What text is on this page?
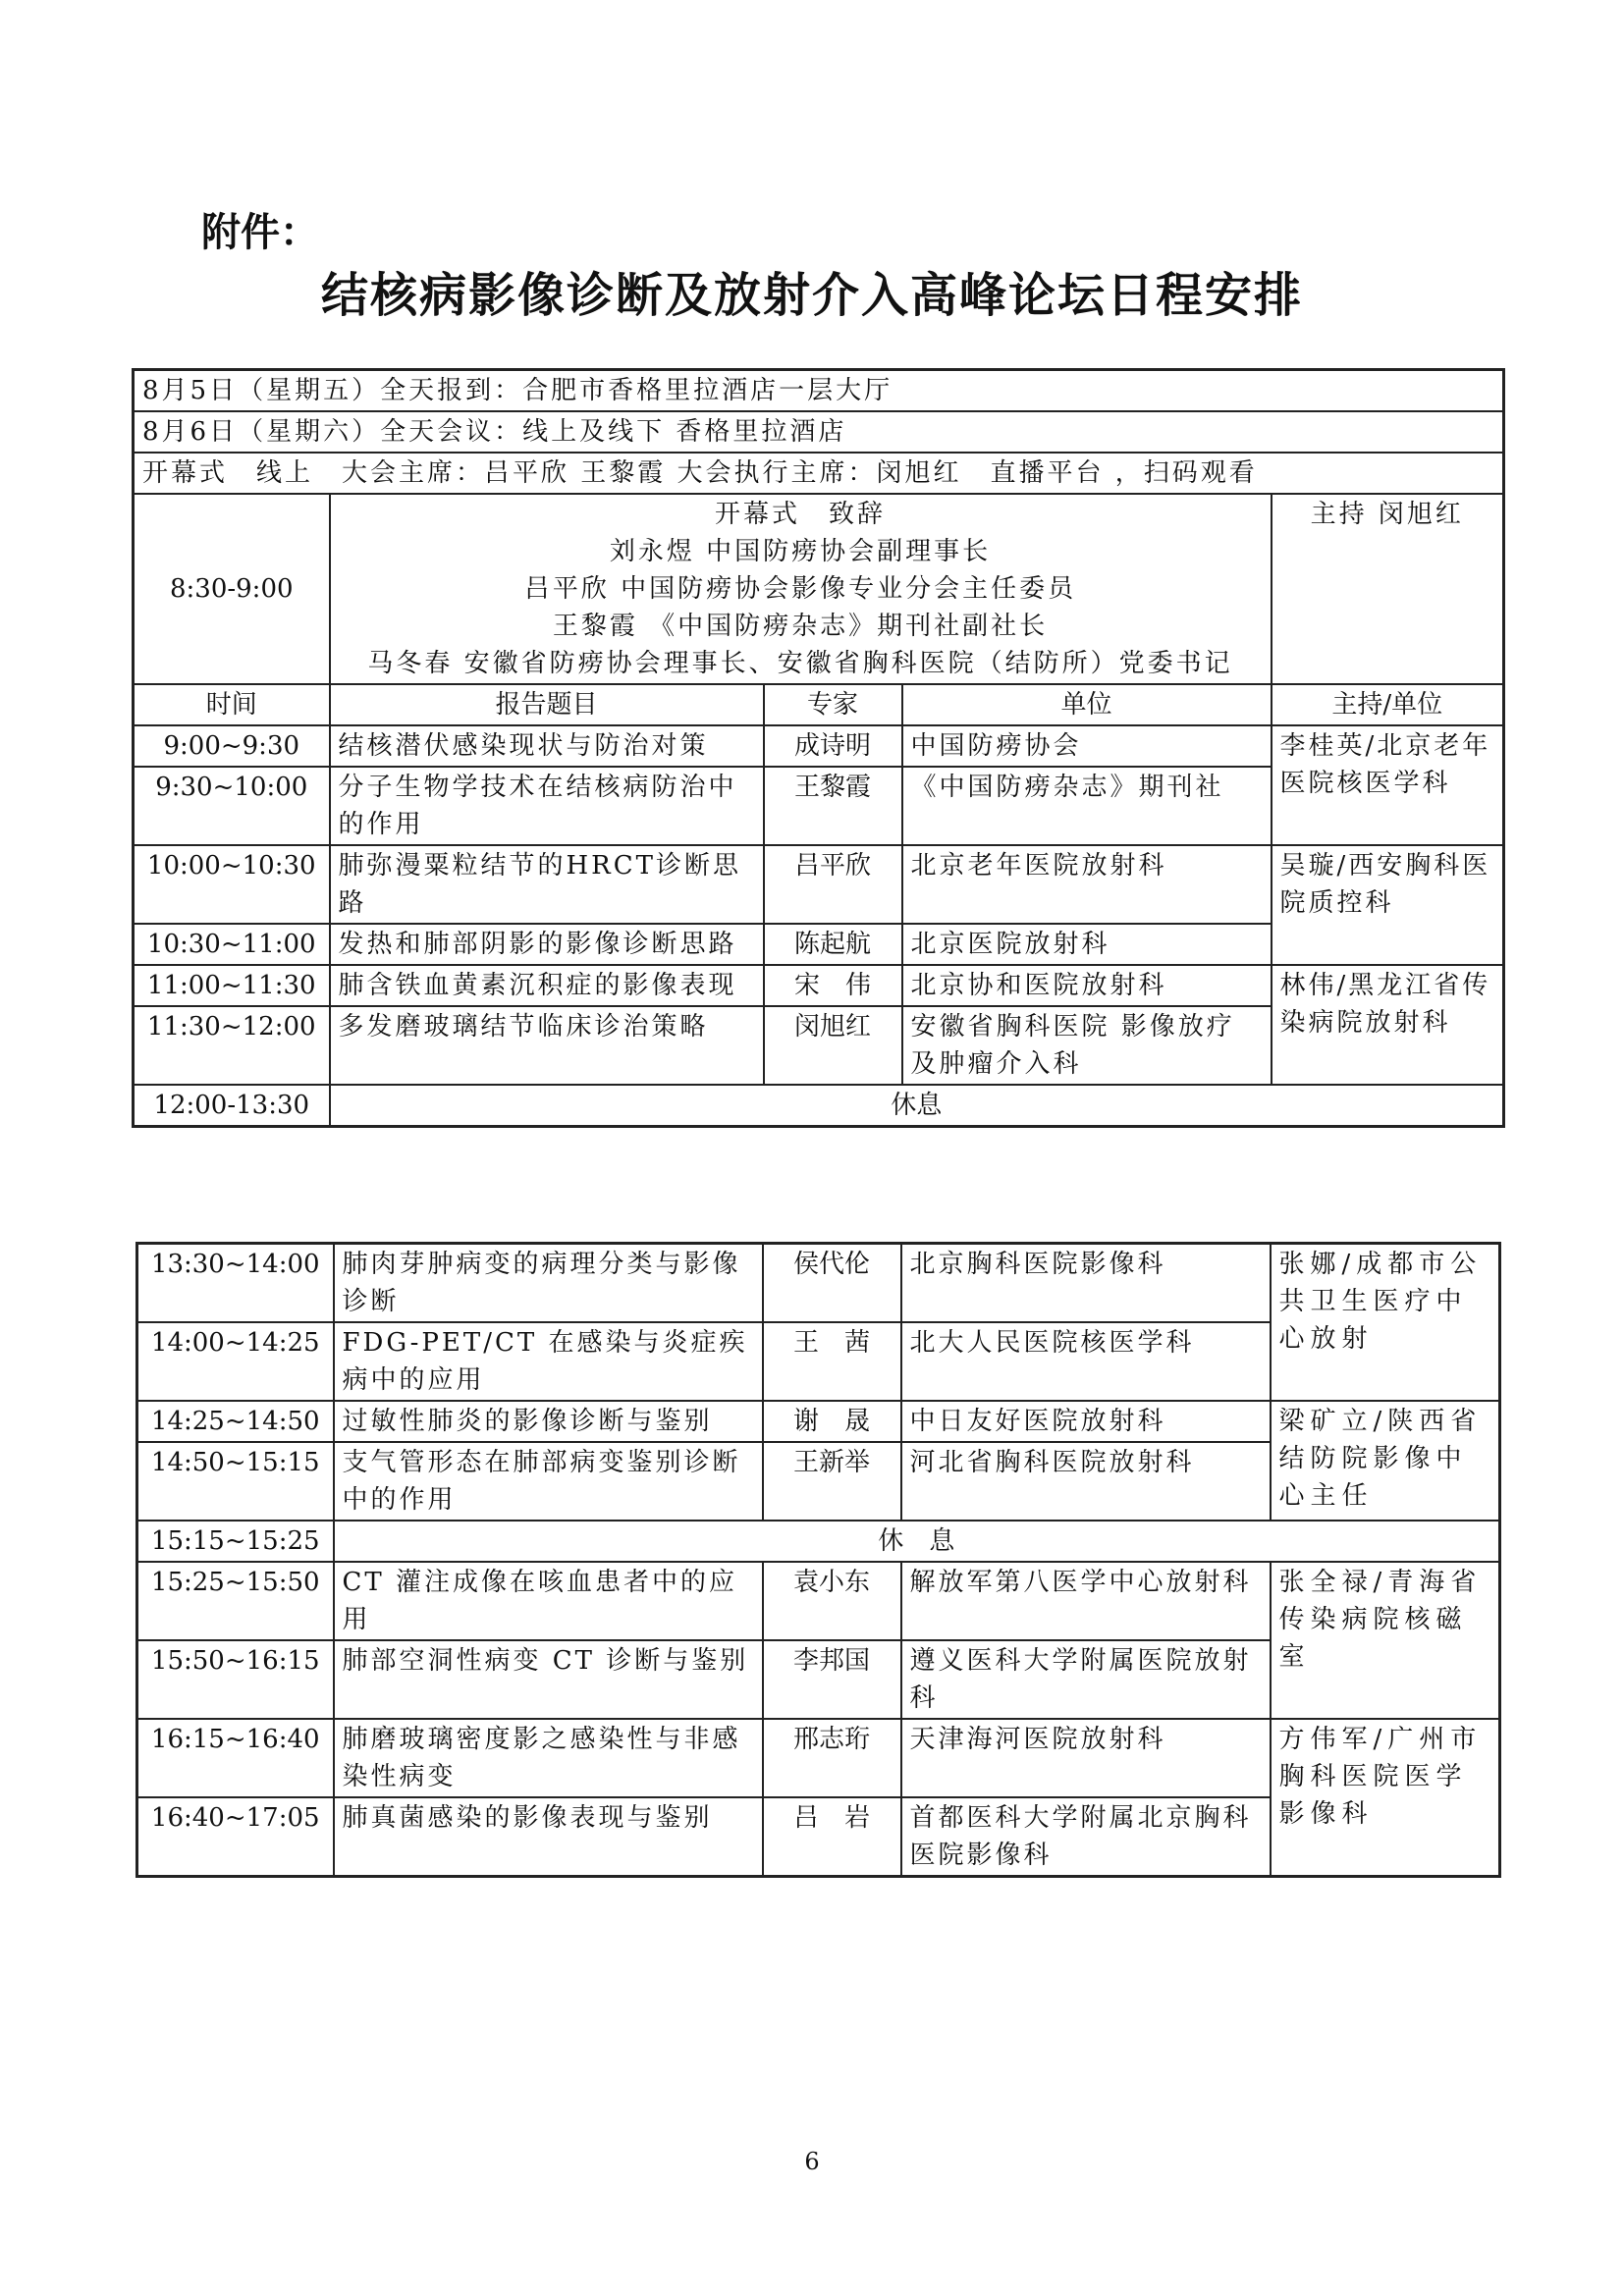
附件：
结核病影像诊断及放射介入高峰论坛日程安排
8月5日（星期五）全天报到：合肥市香格里拉酒店一层大厅				
8月6日（星期六）全天会议：线上及线下 香格里拉酒店				
开幕式　线上　大会主席：吕平欣 王黎霞 大会执行主席：闵旭红　直播平台 ，扫码观看				
8:30-9:00	开幕式　致辞
刘永煜 中国防痨协会副理事长
吕平欣 中国防痨协会影像专业分会主任委员
王黎霞 《中国防痨杂志》期刊社副社长
马冬春 安徽省防痨协会理事长、安徽省胸科医院（结防所）党委书记			主持 闵旭红
时间	报告题目	专家	单位	主持/单位
9:00~9:30	结核潜伏感染现状与防治对策	成诗明	中国防痨协会	李桂英/北京老年医院核医学科
9:30~10:00	分子生物学技术在结核病防治中的作用	王黎霞	《中国防痨杂志》期刊社	
10:00~10:30	肺弥漫粟粒结节的HRCT诊断思路	吕平欣	北京老年医院放射科	吴璇/西安胸科医院质控科
10:30~11:00	发热和肺部阴影的影像诊断思路	陈起航	北京医院放射科	
11:00~11:30	肺含铁血黄素沉积症的影像表现	宋　伟	北京协和医院放射科	林伟/黑龙江省传染病院放射科
11:30~12:00	多发磨玻璃结节临床诊治策略	闵旭红	安徽省胸科医院 影像放疗及肿瘤介入科	
12:00-13:30	休息			
13:30~14:00	肺肉芽肿病变的病理分类与影像诊断	侯代伦	北京胸科医院影像科	张娜/成都市公共卫生医疗中心放射
14:00~14:25	FDG-PET/CT 在感染与炎症疾病中的应用	王　茜	北大人民医院核医学科	
14:25~14:50	过敏性肺炎的影像诊断与鉴别	谢　晟	中日友好医院放射科	梁矿立/陕西省结防院影像中心主任
14:50~15:15	支气管形态在肺部病变鉴别诊断中的作用	王新举	河北省胸科医院放射科	
15:15~15:25	休　息			
15:25~15:50	CT 灌注成像在咳血患者中的应用	袁小东	解放军第八医学中心放射科	张全禄/青海省传染病院核磁室
15:50~16:15	肺部空洞性病变 CT 诊断与鉴别	李邦国	遵义医科大学附属医院放射科	
16:15~16:40	肺磨玻璃密度影之感染性与非感染性病变	邢志珩	天津海河医院放射科	方伟军/广州市胸科医院医学影像科
16:40~17:05	肺真菌感染的影像表现与鉴别	吕　岩	首都医科大学附属北京胸科医院影像科	
6
